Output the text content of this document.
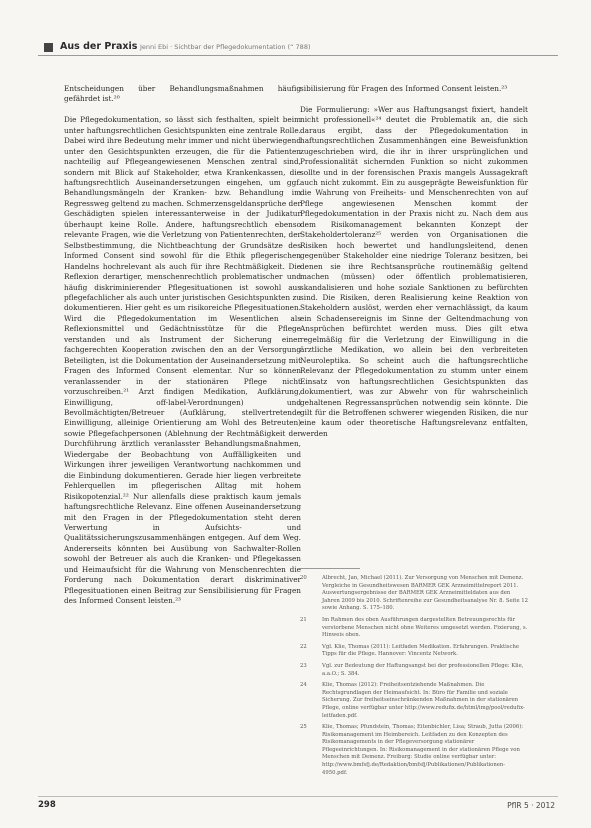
Aus der Praxis Jenni Ebi · Sichtbar der Pflegedokumentation (“ 788)

Entscheidungen über Behandlungsmaßnahmen häufig gefährdet ist.²⁰

Die Pflegedokumentation, so lässt sich festhalten, spielt beim unter haftungsrechtlichen Gesichtspunkten eine zentrale Rolle. Dabei wird ihre Bedeutung mehr immer und nicht überwiegend unter den Gesichtspunkten erzeugen, die für die Patienten nachteilig auf Pflegeangewiesenen Menschen zentral sind, sondern mit Blick auf Stakeholder, etwa Krankenkassen, die haftungsrechtlich Auseinandersetzungen eingehen, um ggf. Behandlungsmängeln der Kranken- bzw. Behandlung im Regressweg geltend zu machen. Schmerzensgeldansprüche der Geschädigten spielen interessanterweise in der Judikatur überhaupt keine Rolle. Andere, haftungsrechtlich ebenso relevante Fragen, wie die Verletzung von Patientenrechten, der Selbstbestimmung, die Nichtbeachtung der Grundsätze des Informed Consent sind sowohl für die Ethik pflegerischen Handelns hochrelevant als auch für ihre Rechtmäßigkeit. Die Reflexion derartiger, menschenrechtlich problematischer und häufig diskriminierender Pflegesituationen ist sowohl aus pflegefachlicher als auch unter juristischen Gesichtspunkten zu dokumentieren. Hier geht es um risikoreiche Pflegesituationen. Wird die Pflegedokumentation im Wesentlichen als Reflexionsmittel und Gedächtnisstütze für die Pflege verstanden und als Instrument der Sicherung einer fachgerechten Kooperation zwischen den an der Versorgung Beteiligten, ist die Dokumentation der Auseinandersetzung mit Fragen des Informed Consent elementar. Nur so können veranlassender in der stationären Pflege nicht vorzuschreiben.²¹ Arzt findigen Medikation, Aufklärung, Einwilligung, off-label-Verordnungen) und Bevollmächtigten/Betreuer (Aufklärung, stellvertretende Einwilligung, alleinige Orientierung am Wohl des Betreuten) sowie Pflegefachpersonen (Ablehnung der Rechtmäßigkeit der Durchführung ärztlich veranlasster Behandlungsmaßnahmen, Wiedergabe der Beobachtung von Auffälligkeiten und Wirkungen ihrer jeweiligen Verantwortung nachkommen und die Einbindung dokumentieren. Gerade hier liegen verbreitete Fehlerquellen im pflegerischen Alltag mit hohem Risikopotenzial.²² Nur allenfalls diese praktisch kaum jemals haftungsrechtliche Relevanz. Eine offenen Auseinandersetzung mit den Fragen in der Pflegedokumentation steht deren Verwertung in Aufsichts- und Qualitätssicherungszusammenhängen entgegen. Auf dem Weg. Andererseits könnten bei Ausübung von Sachwalter-Rollen sowohl der Betreuer als auch die Kranken- und Pflegekassen und Heimaufsicht für die Wahrung von Menschenrechten die Forderung nach Dokumentation derart diskriminativer Pflegesituationen einen Beitrag zur Sensibilisierung für Fragen des Informed Consent leisten.²³

sibilisierung für Fragen des Informed Consent leisten.²³

Die Formulierung: »Wer aus Haftungsangst fixiert, handelt nicht professionell«²⁴ deutet die Problematik an, die sich daraus ergibt, dass der Pflegedokumentation in haftungsrechtlichen Zusammenhängen eine Beweisfunktion zugeschrieben wird, die ihr in ihrer ursprünglichen und Professionalität sichernden Funktion so nicht zukommen sollte und in der forensischen Praxis mangels Aussagekraft auch nicht zukommt. Ein zu ausgeprägte Beweisfunktion für die Wahrung von Freiheits- und Menschenrechten von auf Pflege angewiesenen Menschen kommt der Pflegedokumentation in der Praxis nicht zu. Nach dem aus dem Risikomanagement bekannten Konzept der Stakeholdertoleranz²⁵ werden von Organisationen die Risiken hoch bewertet und handlungsleitend, denen gegenüber Stakeholder eine niedrige Toleranz besitzen, bei denen sie ihre Rechtsansprüche routinemäßig geltend machen (müssen) oder öffentlich problematisieren, skandalisieren und hohe soziale Sanktionen zu befürchten sind. Die Risiken, deren Realisierung keine Reaktion von Stakeholdern auslöst, werden eher vernachlässigt, da kaum ein Schadensereignis im Sinne der Geltendmachung von Ansprüchen befürchtet werden muss. Dies gilt etwa regelmäßig für die Verletzung der Einwilligung in die ärztliche Medikation, wo allein bei den verbreiteten Neuroleptika. So scheint auch die haftungsrechtliche Relevanz der Pflegedokumentation zu stumm unter einem Einsatz von haftungsrechtlichen Gesichtspunkten das dokumentiert, was zur Abwehr von für wahrscheinlich gehaltenen Regressansprüchen notwendig sein könnte. Die gilt für die Betroffenen schwerer wiegenden Risiken, die nur eine kaum oder theoretische Haftungsrelevanz entfalten, werden

20	Albrecht, Jan, Michael (2011). Zur Versorgung von Menschen mit Demenz. Vergleiche in Gesundheitswesen BARMER GEK Arzneimittelreport 2011. Auswertungsergebnisse der BARMER GEK Arzneimitteldaten aus den Jahren 2009 bis 2010. Schriftenreihe zur Gesundheitsanalyse Nr. 8. Seite 12 sowie Anhang. S. 175–180.
21	Im Rahmen des oben Ausführungen dargestellten Betreuungsrechts für verstorbene Menschen nicht ohne Weiteres umgesetzt werden. Fixierung, s. Hinweis oben.
22	Vgl. Klie, Thomas (2011): Leitfaden Medikation. Erfahrungen. Praktische Tipps für die Pflege. Hannover: Vincentz Network.
23	Vgl. zur Bedeutung der Haftungsangst bei der professionellen Pflege: Klie, a.a.O.; S. 384.
24	Klie, Thomas (2012): Freiheitsentziehende Maßnahmen. Die Rechtsgrundlagen der Heimaufsicht. In: Büro für Familie und soziale Sicherung. Zur freiheitseinschränkenden Maßnahmen in der stationären Pflege, online verfügbar unter http://www.redufix.de/html/img/pool/redufix-leitfaden.pdf.
25	Klie, Thomas; Pfundstein, Thomas; Eitenbichler, Lisa; Straub, Jutta (2006): Risikomanagement im Heimbereich. Leitfaden zu den Konzepten des Risikomanagements in der Pflegeversorgung stationärer Pflegeeinrichtungen. In: Risikomanagement in der stationären Pflege von Menschen mit Demenz. Freiburg: Studie online verfügbar unter: http://www.bmfsfj.de/Redaktion/bmfsfj/Publikationen/Publikationen-4950.pdf.
298	PflR 5 · 2012
